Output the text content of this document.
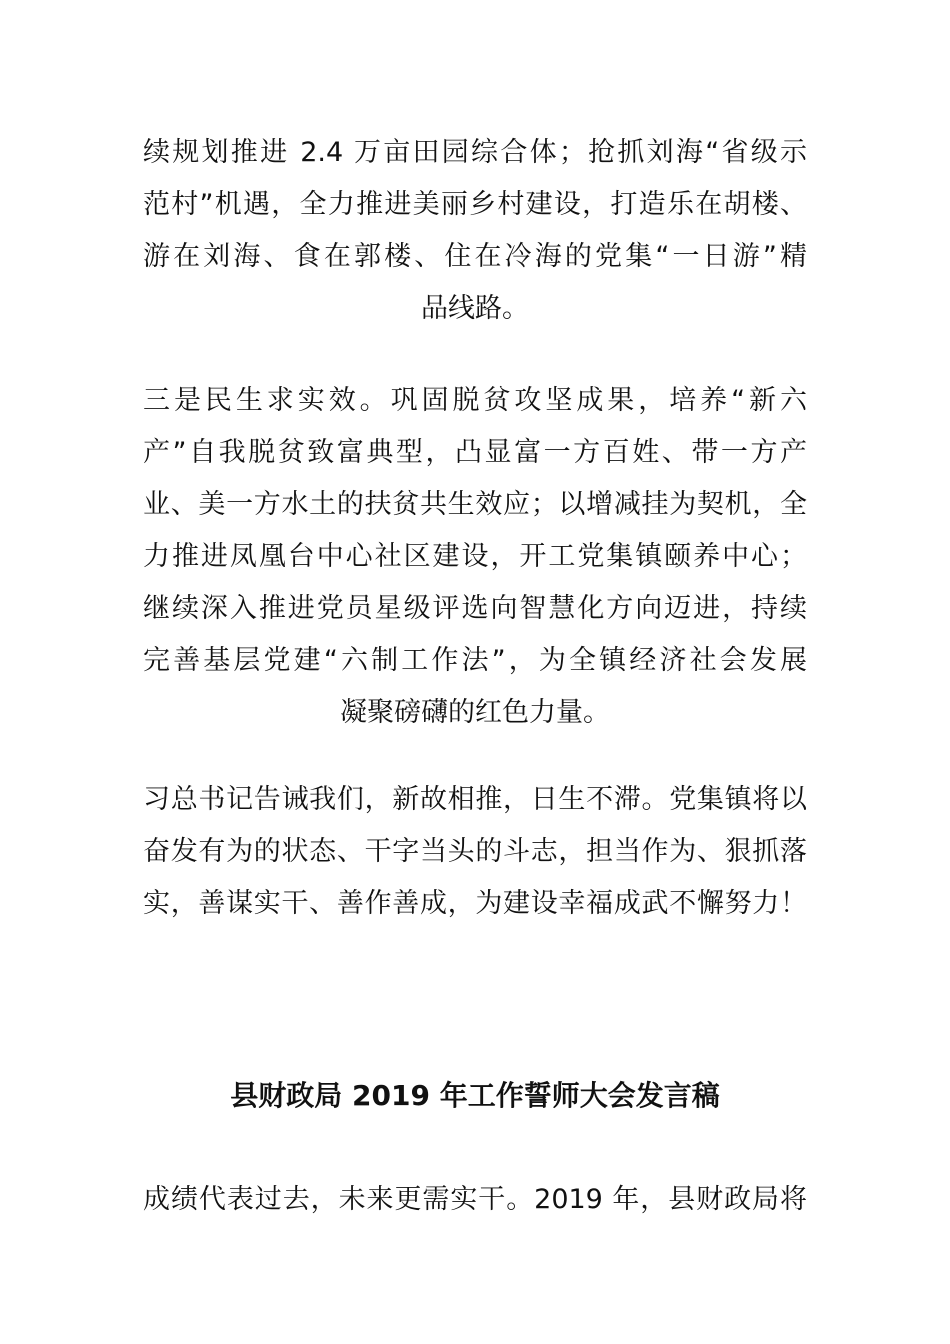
续规划推进 2.4 万亩田园综合体；抢抓刘海“省级示
范村”机遇，全力推进美丽乡村建设，打造乐在胡楼、
游在刘海、食在郭楼、住在冷海的党集“一日游”精
品线路。
三是民生求实效。巩固脱贫攻坚成果，培养“新六
产”自我脱贫致富典型，凸显富一方百姓、带一方产
业、美一方水土的扶贫共生效应；以增减挂为契机，全
力推进凤凰台中心社区建设，开工党集镇颐养中心；
继续深入推进党员星级评选向智慧化方向迈进，持续
完善基层党建“六制工作法”，为全镇经济社会发展
凝聚磅礴的红色力量。
习总书记告诫我们，新故相推，日生不滞。党集镇将以
奋发有为的状态、干字当头的斗志，担当作为、狠抓落
实，善谋实干、善作善成，为建设幸福成武不懈努力！
县财政局 2019 年工作誓师大会发言稿
成绩代表过去，未来更需实干。2019 年，县财政局将
